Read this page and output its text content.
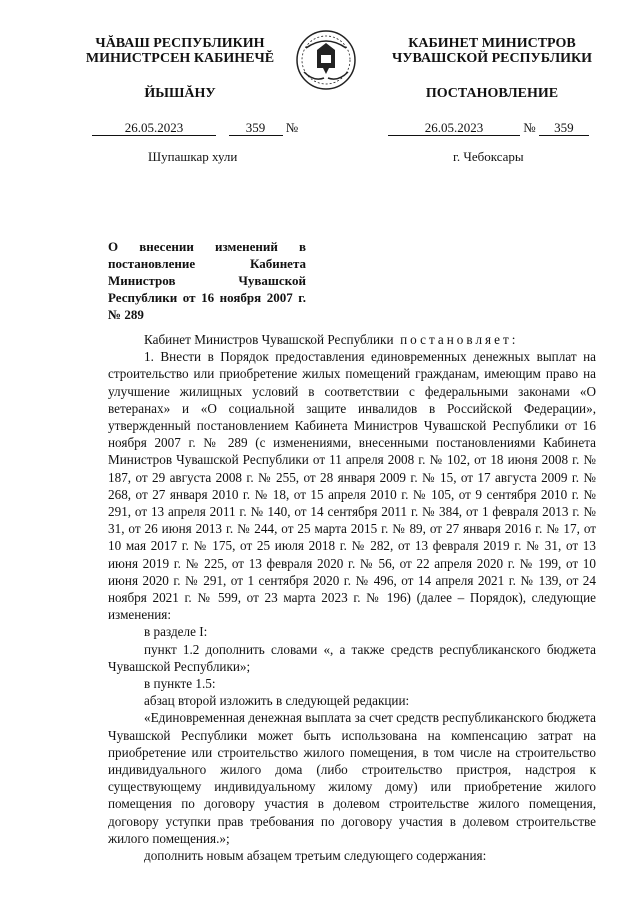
ЧĂВАШ РЕСПУБЛИКИН
МИНИСТРСЕН КАБИНЕЧĔ
ЙЫШĂНУ
КАБИНЕТ МИНИСТРОВ
ЧУВАШСКОЙ РЕСПУБЛИКИ
ПОСТАНОВЛЕНИЕ
26.05.2023	359 №	26.05.2023	№ 359
Шупашкар хули	г. Чебоксары
О внесении изменений в постановление Кабинета Министров Чувашской Республики от 16 ноября 2007 г. № 289

Кабинет Министров Чувашской Республики постановляет:

1. Внести в Порядок предоставления единовременных денежных выплат на строительство или приобретение жилых помещений гражданам, имеющим право на улучшение жилищных условий в соответствии с федеральными законами «О ветеранах» и «О социальной защите инвалидов в Российской Федерации», утвержденный постановлением Кабинета Министров Чувашской Республики от 16 ноября 2007 г. № 289 (с изменениями, внесенными постановлениями Кабинета Министров Чувашской Республики от 11 апреля 2008 г. № 102, от 18 июня 2008 г. № 187, от 29 августа 2008 г. № 255, от 28 января 2009 г. № 15, от 17 августа 2009 г. № 268, от 27 января 2010 г. № 18, от 15 апреля 2010 г. № 105, от 9 сентября 2010 г. № 291, от 13 апреля 2011 г. № 140, от 14 сентября 2011 г. № 384, от 1 февраля 2013 г. № 31, от 26 июня 2013 г. № 244, от 25 марта 2015 г. № 89, от 27 января 2016 г. № 17, от 10 мая 2017 г. № 175, от 25 июля 2018 г. № 282, от 13 февраля 2019 г. № 31, от 13 июня 2019 г. № 225, от 13 февраля 2020 г. № 56, от 22 апреля 2020 г. № 199, от 10 июня 2020 г. № 291, от 1 сентября 2020 г. № 496, от 14 апреля 2021 г. № 139, от 24 ноября 2021 г. № 599, от 23 марта 2023 г. № 196) (далее – Порядок), следующие изменения:

в разделе I:

пункт 1.2 дополнить словами «, а также средств республиканского бюджета Чувашской Республики»;

в пункте 1.5:

абзац второй изложить в следующей редакции:

«Единовременная денежная выплата за счет средств республиканского бюджета Чувашской Республики может быть использована на компенсацию затрат на приобретение или строительство жилого помещения, в том числе на строительство индивидуального жилого дома (либо строительство пристроя, надстроя к существующему индивидуальному жилому дому) или приобретение жилого помещения по договору участия в долевом строительстве жилого помещения, договору уступки прав требования по договору участия в долевом строительстве жилого помещения.»;

дополнить новым абзацем третьим следующего содержания:
